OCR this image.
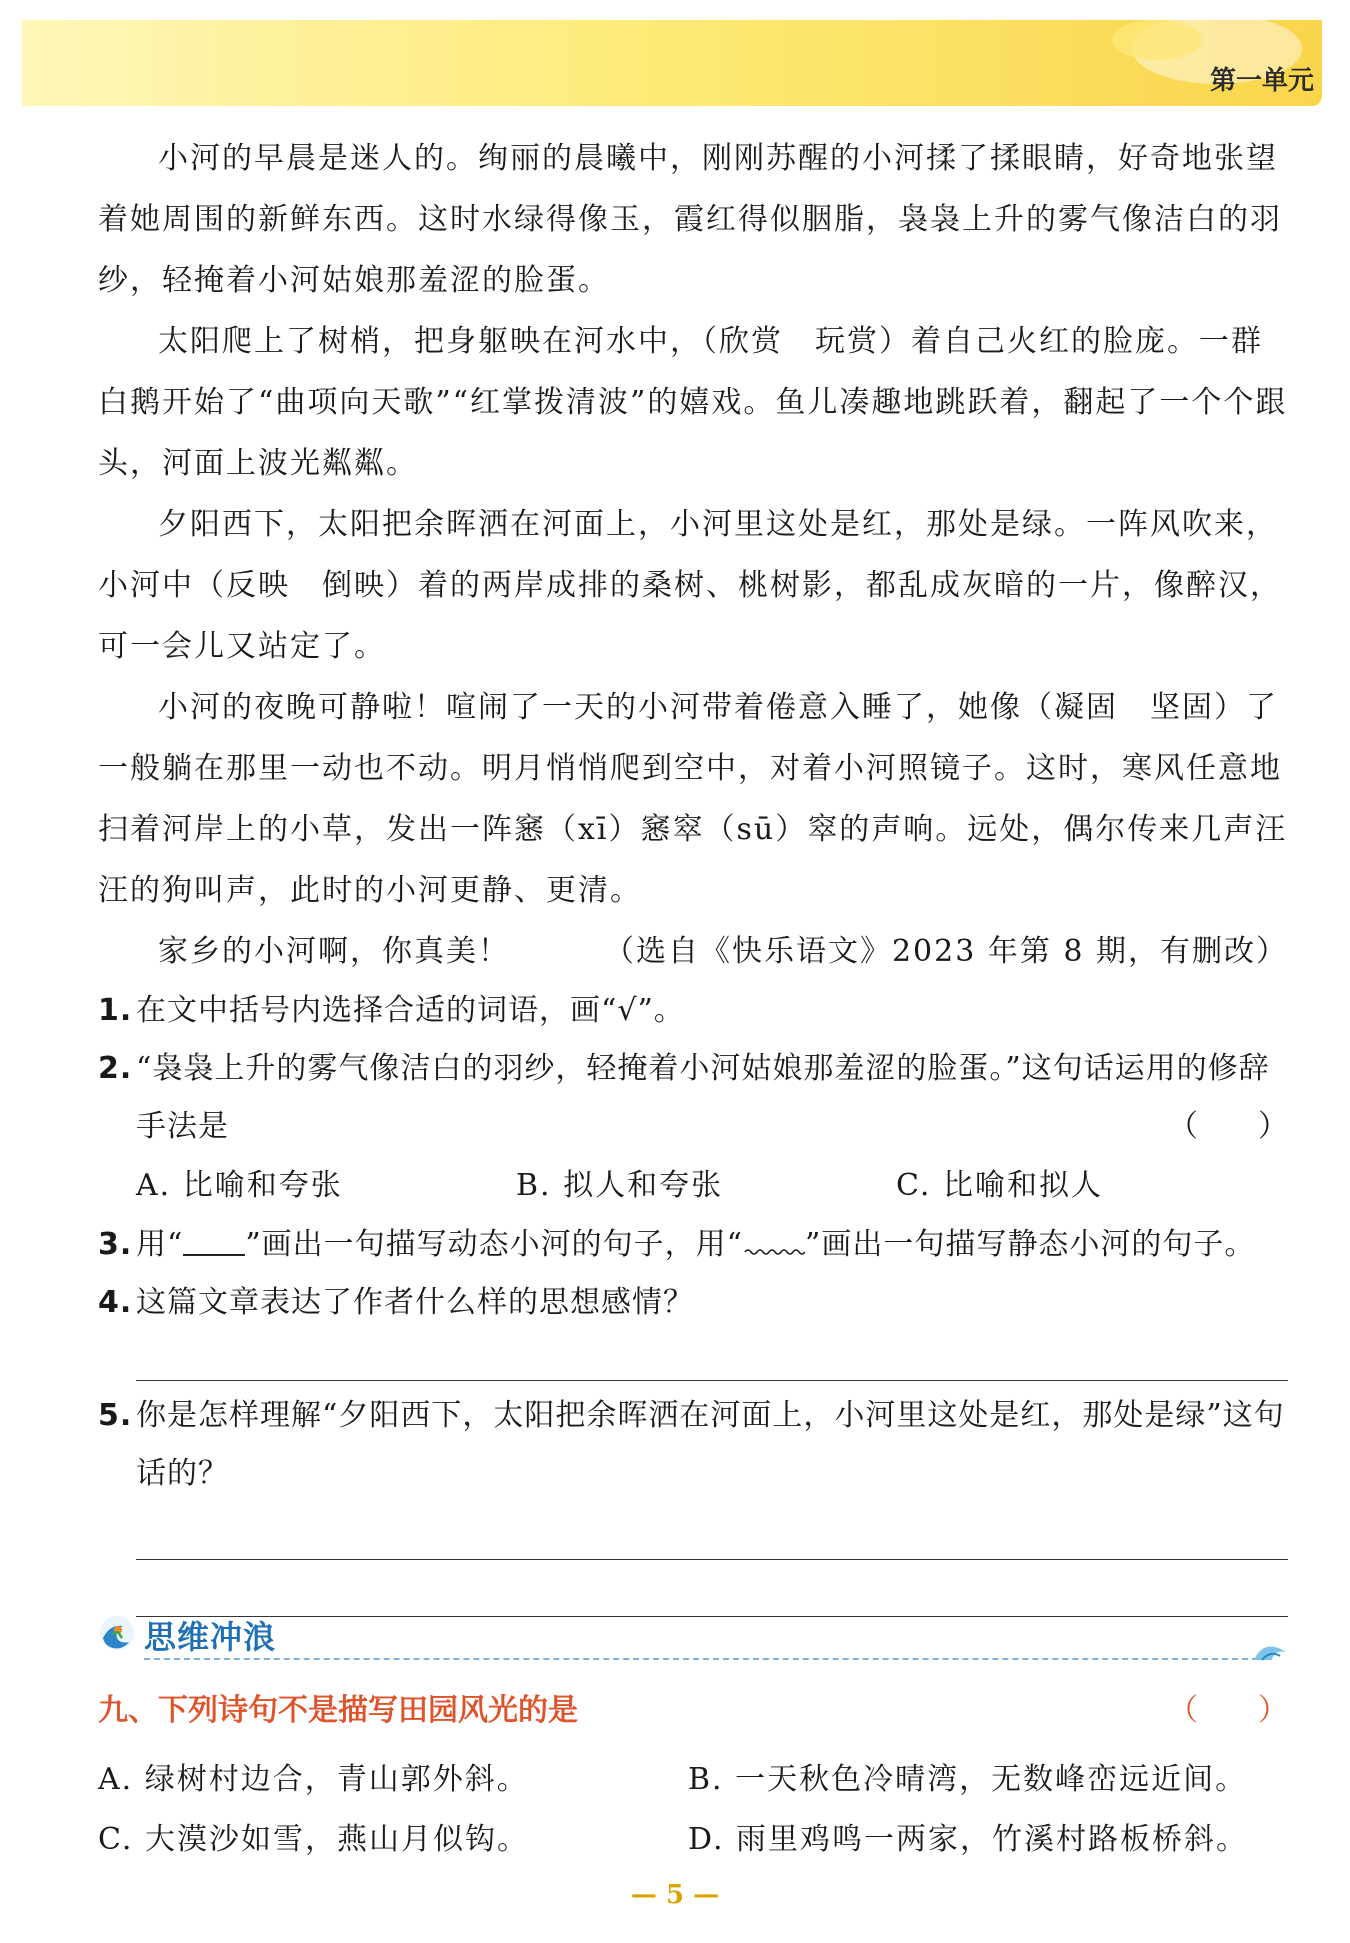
第一单元

小河的早晨是迷人的。绚丽的晨曦中，刚刚苏醒的小河揉了揉眼睛，好奇地张望着她周围的新鲜东西。这时水绿得像玉，霞红得似胭脂，袅袅上升的雾气像洁白的羽纱，轻掩着小河姑娘那羞涩的脸蛋。

太阳爬上了树梢，把身躯映在河水中，（欣赏　玩赏）着自己火红的脸庞。一群白鹅开始了“曲项向天歌”“红掌拨清波”的嬉戏。鱼儿凑趣地跳跃着，翻起了一个个跟头，河面上波光粼粼。

夕阳西下，太阳把余晖洒在河面上，小河里这处是红，那处是绿。一阵风吹来，小河中（反映　倒映）着的两岸成排的桑树、桃树影，都乱成灰暗的一片，像醉汉，可一会儿又站定了。

小河的夜晚可静啦！喧闹了一天的小河带着倦意入睡了，她像（凝固　坚固）了一般躺在那里一动也不动。明月悄悄爬到空中，对着小河照镜子。这时，寒风任意地扫着河岸上的小草，发出一阵窸（xī）窸窣（sū）窣的声响。远处，偶尔传来几声汪汪的狗叫声，此时的小河更静、更清。

家乡的小河啊，你真美！	（选自《快乐语文》2023 年第 8 期，有删改）
1. 在文中括号内选择合适的词语，画“√”。
2. “袅袅上升的雾气像洁白的羽纱，轻掩着小河姑娘那羞涩的脸蛋。”这句话运用的修辞手法是	（　　）
A. 比喻和夸张	B. 拟人和夸张	C. 比喻和拟人
3. 用“ ”画出一句描写动态小河的句子，用“ ”画出一句描写静态小河的句子。
4. 这篇文章表达了作者什么样的思想感情？
5. 你是怎样理解“夕阳西下，太阳把余晖洒在河面上，小河里这处是红，那处是绿”这句话的？
思维冲浪
九、下列诗句不是描写田园风光的是	（　　）
A. 绿树村边合，青山郭外斜。	B. 一天秋色冷晴湾，无数峰峦远近间。
C. 大漠沙如雪，燕山月似钩。	D. 雨里鸡鸣一两家，竹溪村路板桥斜。
— 5 —
